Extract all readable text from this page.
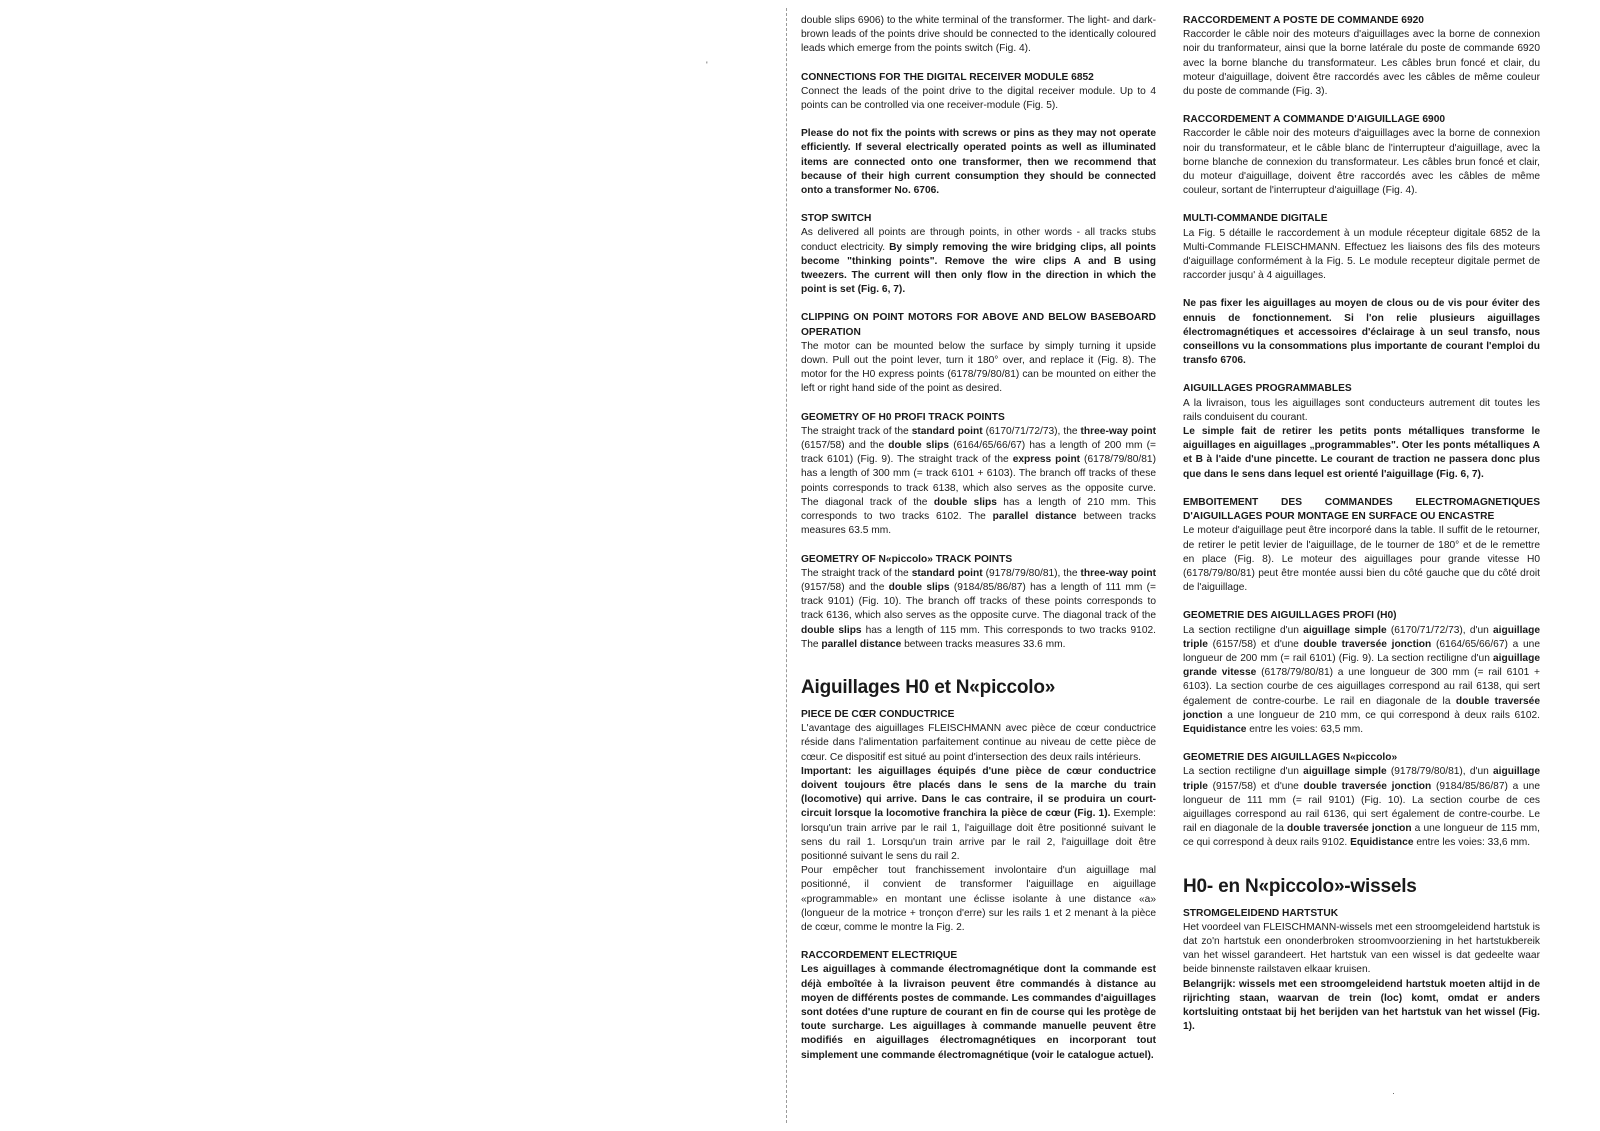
'
·

double slips 6906) to the white terminal of the transformer. The light- and dark-brown leads of the points drive should be connected to the identically coloured leads which emerge from the points switch (Fig. 4).

CONNECTIONS FOR THE DIGITAL RECEIVER MODULE 6852

Connect the leads of the point drive to the digital receiver module. Up to 4 points can be controlled via one receiver-module (Fig. 5).

Please do not fix the points with screws or pins as they may not operate efficiently. If several electrically operated points as well as illuminated items are connected onto one transformer, then we recommend that because of their high current consumption they should be connected onto a transformer No. 6706.

STOP SWITCH

As delivered all points are through points, in other words - all tracks stubs conduct electricity. By simply removing the wire bridging clips, all points become "thinking points". Remove the wire clips A and B using tweezers. The current will then only flow in the direction in which the point is set (Fig. 6, 7).

CLIPPING ON POINT MOTORS FOR ABOVE AND BELOW BASEBOARD OPERATION

The motor can be mounted below the surface by simply turning it upside down. Pull out the point lever, turn it 180° over, and replace it (Fig. 8). The motor for the H0 express points (6178/79/80/81) can be mounted on either the left or right hand side of the point as desired.

GEOMETRY OF H0 PROFI TRACK POINTS

The straight track of the standard point (6170/71/72/73), the three-way point (6157/58) and the double slips (6164/65/66/67) has a length of 200 mm (= track 6101) (Fig. 9). The straight track of the express point (6178/79/80/81) has a length of 300 mm (= track 6101 + 6103). The branch off tracks of these points corresponds to track 6138, which also serves as the opposite curve. The diagonal track of the double slips has a length of 210 mm. This corresponds to two tracks 6102. The parallel distance between tracks measures 63.5 mm.

GEOMETRY OF N«piccolo» TRACK POINTS

The straight track of the standard point (9178/79/80/81), the three-way point (9157/58) and the double slips (9184/85/86/87) has a length of 111 mm (= track 9101) (Fig. 10). The branch off tracks of these points corresponds to track 6136, which also serves as the opposite curve. The diagonal track of the double slips has a length of 115 mm. This corresponds to two tracks 9102. The parallel distance between tracks measures 33.6 mm.

Aiguillages H0 et N«piccolo»

PIECE DE CŒR CONDUCTRICE

L'avantage des aiguillages FLEISCHMANN avec pièce de cœur conductrice réside dans l'alimentation parfaitement continue au niveau de cette pièce de cœur. Ce dispositif est situé au point d'intersection des deux rails intérieurs.

Important: les aiguillages équipés d'une pièce de cœur conductrice doivent toujours être placés dans le sens de la marche du train (locomotive) qui arrive. Dans le cas contraire, il se produira un court-circuit lorsque la locomotive franchira la pièce de cœur (Fig. 1). Exemple: lorsqu'un train arrive par le rail 1, l'aiguillage doit être positionné suivant le sens du rail 1. Lorsqu'un train arrive par le rail 2, l'aiguillage doit être positionné suivant le sens du rail 2.

Pour empêcher tout franchissement involontaire d'un aiguillage mal positionné, il convient de transformer l'aiguillage en aiguillage «programmable» en montant une éclisse isolante à une distance «a» (longueur de la motrice + tronçon d'erre) sur les rails 1 et 2 menant à la pièce de cœur, comme le montre la Fig. 2.

RACCORDEMENT ELECTRIQUE

Les aiguillages à commande électromagnétique dont la commande est déjà emboîtée à la livraison peuvent être commandés à distance au moyen de différents postes de commande. Les commandes d'aiguillages sont dotées d'une rupture de courant en fin de course qui les protège de toute surcharge. Les aiguillages à commande manuelle peuvent être modifiés en aiguillages électromagnétiques en incorporant tout simplement une commande électromagnétique (voir le catalogue actuel).

RACCORDEMENT A POSTE DE COMMANDE 6920

Raccorder le câble noir des moteurs d'aiguillages avec la borne de connexion noir du tranformateur, ainsi que la borne latérale du poste de commande 6920 avec la borne blanche du transformateur. Les câbles brun foncé et clair, du moteur d'aiguillage, doivent être raccordés avec les câbles de même couleur du poste de commande (Fig. 3).

RACCORDEMENT A COMMANDE D'AIGUILLAGE 6900

Raccorder le câble noir des moteurs d'aiguillages avec la borne de connexion noir du transformateur, et le câble blanc de l'interrupteur d'aiguillage, avec la borne blanche de connexion du transformateur. Les câbles brun foncé et clair, du moteur d'aiguillage, doivent être raccordés avec les câbles de même couleur, sortant de l'interrupteur d'aiguillage (Fig. 4).

MULTI-COMMANDE DIGITALE

La Fig. 5 détaille le raccordement à un module récepteur digitale 6852 de la Multi-Commande FLEISCHMANN. Effectuez les liaisons des fils des moteurs d'aiguillage conformément à la Fig. 5. Le module recepteur digitale permet de raccorder jusqu' à 4 aiguillages.

Ne pas fixer les aiguillages au moyen de clous ou de vis pour éviter des ennuis de fonctionnement. Si l'on relie plusieurs aiguillages électromagnétiques et accessoires d'éclairage à un seul transfo, nous conseillons vu la consommations plus importante de courant l'emploi du transfo 6706.

AIGUILLAGES PROGRAMMABLES

A la livraison, tous les aiguillages sont conducteurs autrement dit toutes les rails conduisent du courant.

Le simple fait de retirer les petits ponts métalliques transforme le aiguillages en aiguillages „programmables". Oter les ponts métalliques A et B à l'aide d'une pincette. Le courant de traction ne passera donc plus que dans le sens dans lequel est orienté l'aiguillage (Fig. 6, 7).

EMBOITEMENT DES COMMANDES ELECTROMAGNETIQUES D'AIGUILLAGES POUR MONTAGE EN SURFACE OU ENCASTRE

Le moteur d'aiguillage peut être incorporé dans la table. Il suffit de le retourner, de retirer le petit levier de l'aiguillage, de le tourner de 180° et de le remettre en place (Fig. 8). Le moteur des aiguillages pour grande vitesse H0 (6178/79/80/81) peut être montée aussi bien du côté gauche que du côté droit de l'aiguillage.

GEOMETRIE DES AIGUILLAGES PROFI (H0)

La section rectiligne d'un aiguillage simple (6170/71/72/73), d'un aiguillage triple (6157/58) et d'une double traversée jonction (6164/65/66/67) a une longueur de 200 mm (= rail 6101) (Fig. 9). La section rectiligne d'un aiguillage grande vitesse (6178/79/80/81) a une longueur de 300 mm (= rail 6101 + 6103). La section courbe de ces aiguillages correspond au rail 6138, qui sert également de contre-courbe. Le rail en diagonale de la double traversée jonction a une longueur de 210 mm, ce qui correspond à deux rails 6102. Equidistance entre les voies: 63,5 mm.

GEOMETRIE DES AIGUILLAGES N«piccolo»

La section rectiligne d'un aiguillage simple (9178/79/80/81), d'un aiguillage triple (9157/58) et d'une double traversée jonction (9184/85/86/87) a une longueur de 111 mm (= rail 9101) (Fig. 10). La section courbe de ces aiguillages correspond au rail 6136, qui sert également de contre-courbe. Le rail en diagonale de la double traversée jonction a une longueur de 115 mm, ce qui correspond à deux rails 9102. Equidistance entre les voies: 33,6 mm.

H0- en N«piccolo»-wissels

STROMGELEIDEND HARTSTUK

Het voordeel van FLEISCHMANN-wissels met een stroomgeleidend hartstuk is dat zo'n hartstuk een ononderbroken stroomvoorziening in het hartstukbereik van het wissel garandeert. Het hartstuk van een wissel is dat gedeelte waar beide binnenste railstaven elkaar kruisen.

Belangrijk: wissels met een stroomgeleidend hartstuk moeten altijd in de rijrichting staan, waarvan de trein (loc) komt, omdat er anders kortsluiting ontstaat bij het berijden van het hartstuk van het wissel (Fig. 1).
